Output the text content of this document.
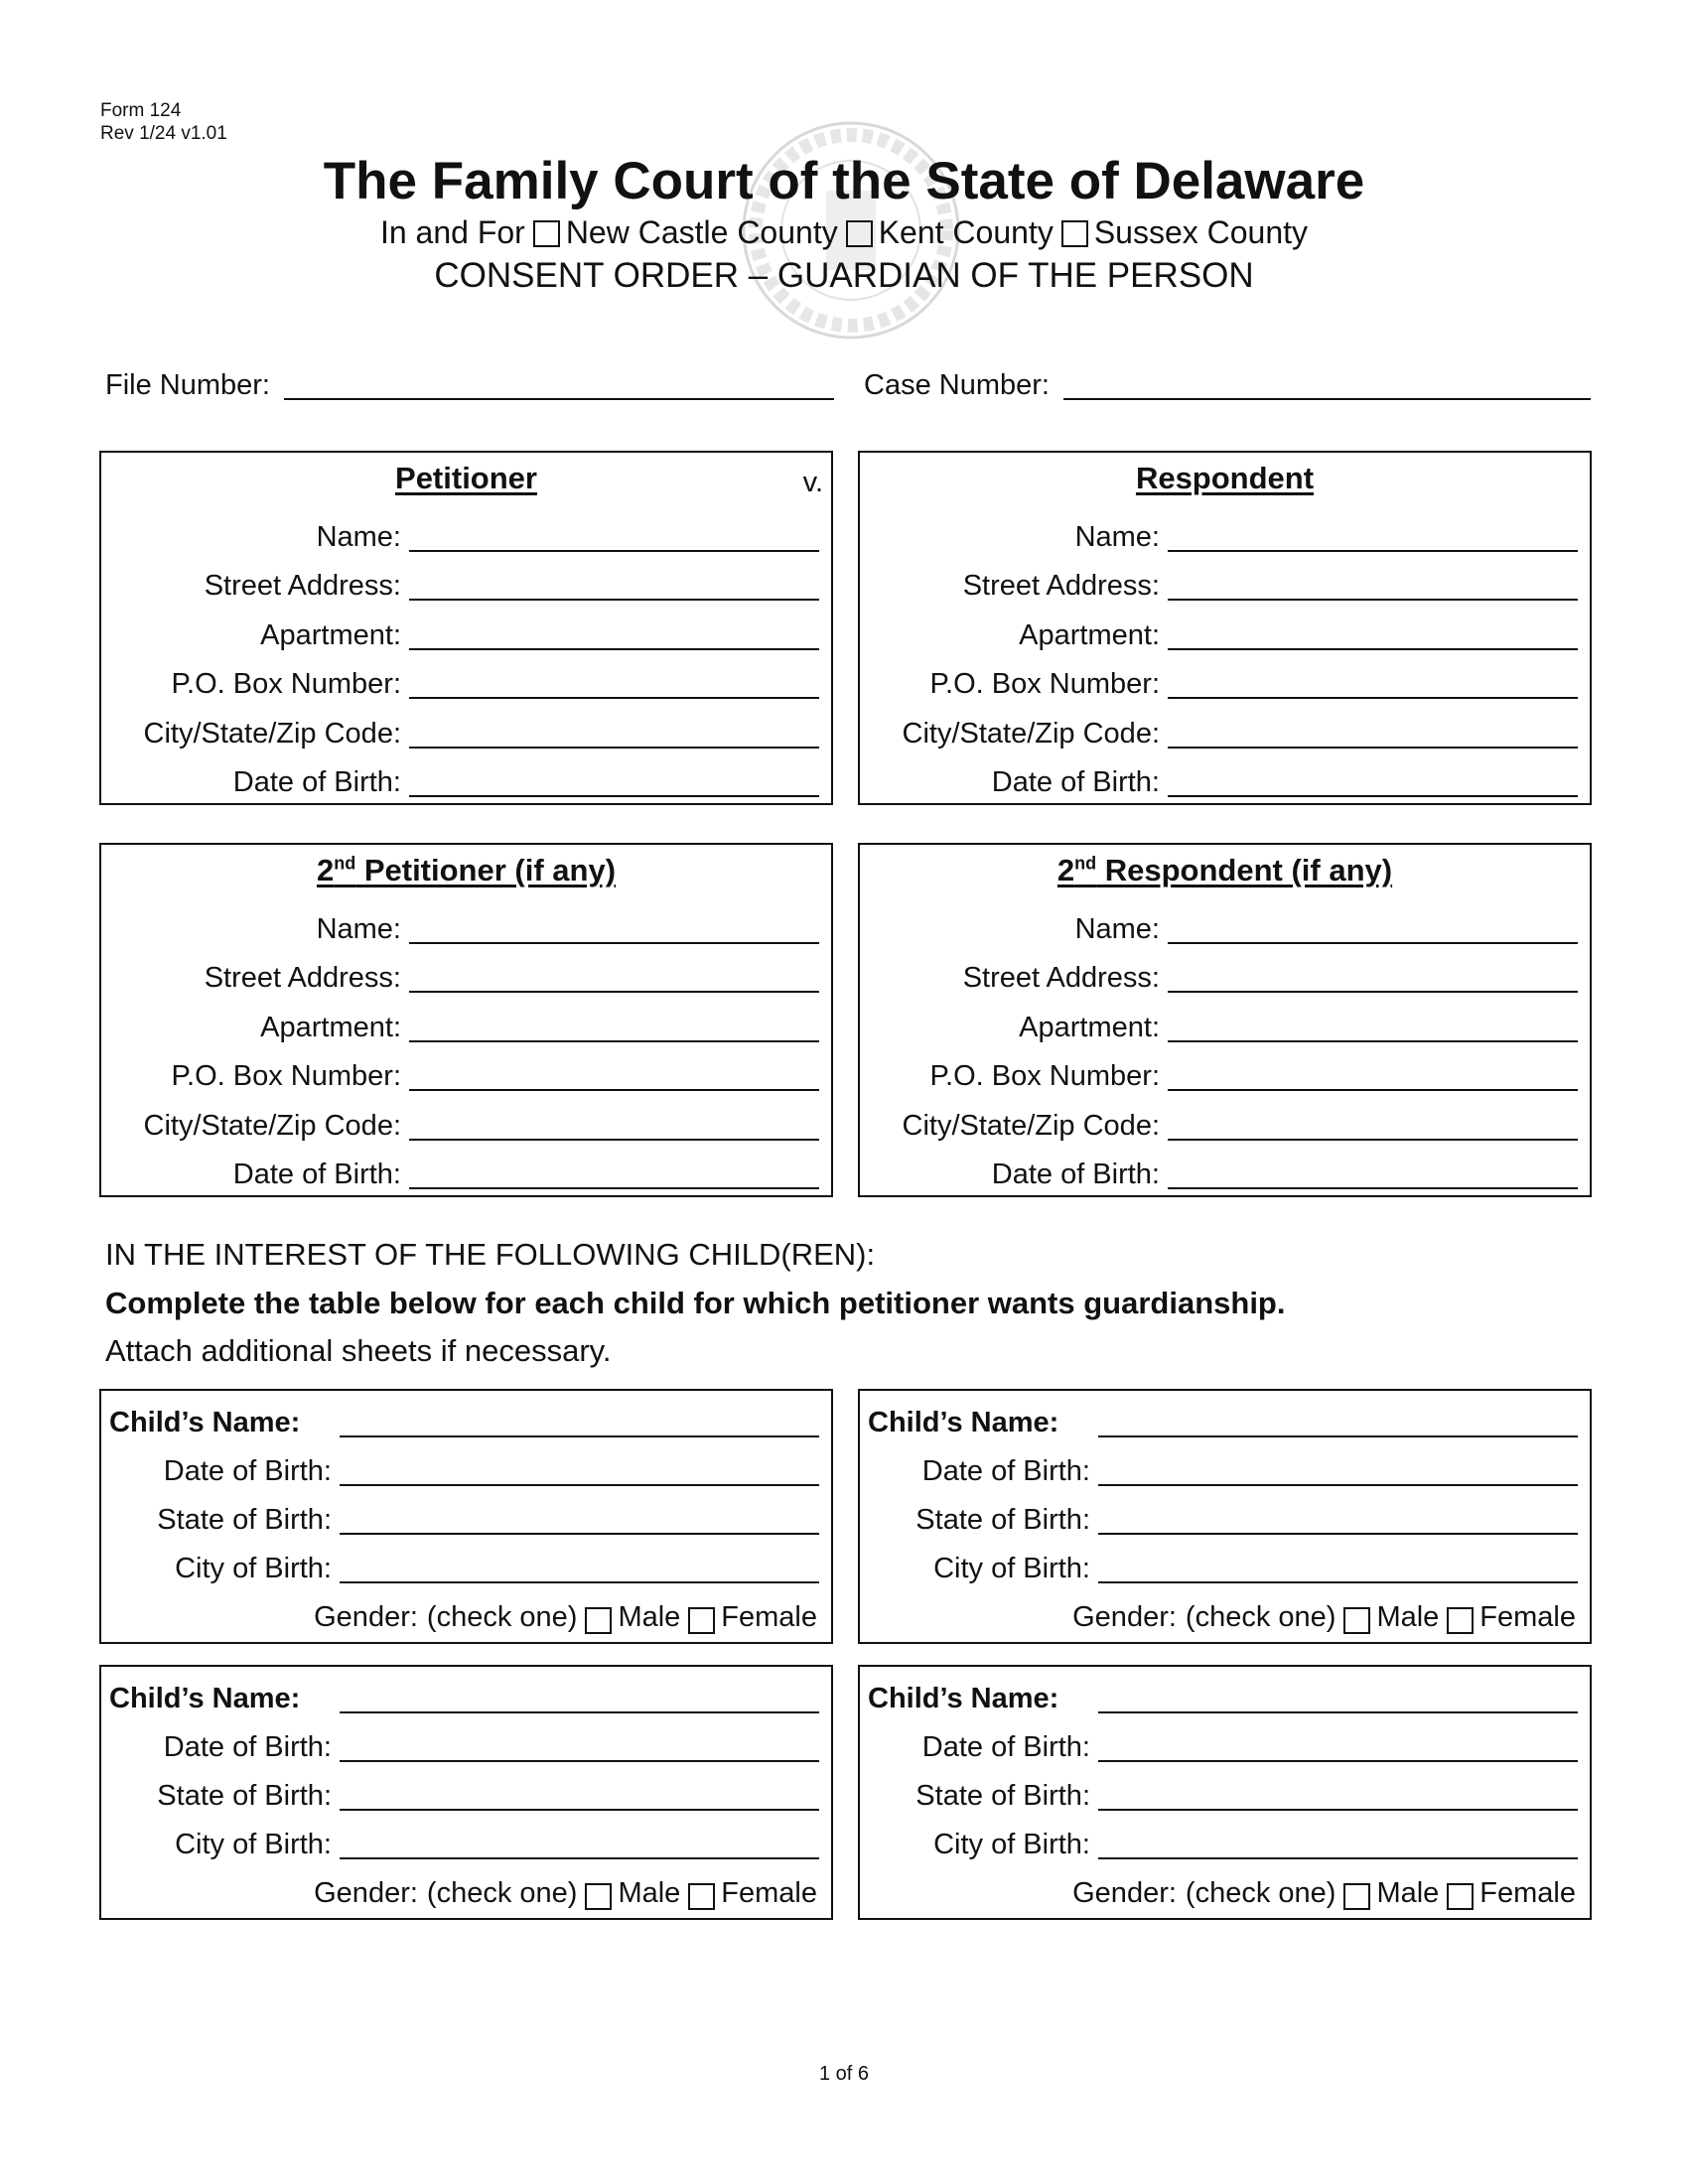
Form 124
Rev 1/24 v1.01
The Family Court of the State of Delaware
In and For New Castle County Kent County Sussex County
CONSENT ORDER – GUARDIAN OF THE PERSON
File Number:	Case Number:
Petitioner	v.
Name:
Street Address:
Apartment:
P.O. Box Number:
City/State/Zip Code:
Date of Birth:
Respondent
Name:
Street Address:
Apartment:
P.O. Box Number:
City/State/Zip Code:
Date of Birth:
2nd Petitioner (if any)
Name:
Street Address:
Apartment:
P.O. Box Number:
City/State/Zip Code:
Date of Birth:
2nd Respondent (if any)
Name:
Street Address:
Apartment:
P.O. Box Number:
City/State/Zip Code:
Date of Birth:
IN THE INTEREST OF THE FOLLOWING CHILD(REN):
Complete the table below for each child for which petitioner wants guardianship.
Attach additional sheets if necessary.
Child’s Name:
Date of Birth:
State of Birth:
City of Birth:
Gender: (check one) Male Female
Child’s Name:
Date of Birth:
State of Birth:
City of Birth:
Gender: (check one) Male Female
Child’s Name:
Date of Birth:
State of Birth:
City of Birth:
Gender: (check one) Male Female
Child’s Name:
Date of Birth:
State of Birth:
City of Birth:
Gender: (check one) Male Female
1 of 6
